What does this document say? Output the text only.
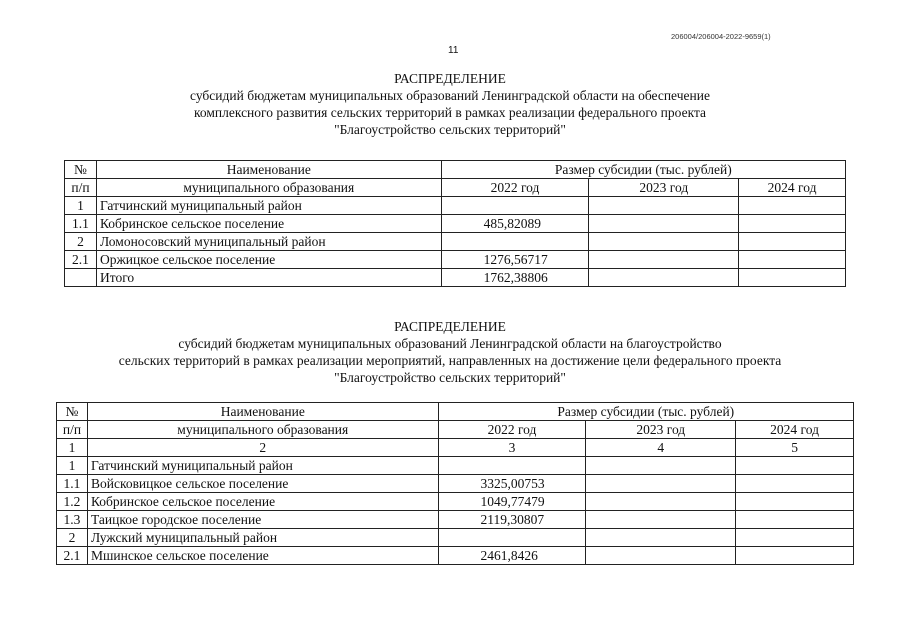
206004/206004-2022-9659(1)
11
РАСПРЕДЕЛЕНИЕ
субсидий бюджетам муниципальных образований Ленинградской области на обеспечение
комплексного развития сельских территорий в рамках реализации федерального проекта
"Благоустройство сельских территорий"
№	Наименование	Размер субсидии (тыс. рублей)		
п/п	муниципального образования	2022 год	2023 год	2024 год
1	Гатчинский муниципальный район			
1.1	Кобринское сельское поселение	485,82089		
2	Ломоносовский муниципальный район			
2.1	Оржицкое сельское поселение	1276,56717		
	Итого	1762,38806		
РАСПРЕДЕЛЕНИЕ
субсидий бюджетам муниципальных образований Ленинградской области на благоустройство
сельских территорий в рамках реализации мероприятий, направленных на достижение цели федерального проекта
"Благоустройство сельских территорий"
№	Наименование	Размер субсидии (тыс. рублей)		
п/п	муниципального образования	2022 год	2023 год	2024 год
1	2	3	4	5
1	Гатчинский муниципальный район			
1.1	Войсковицкое сельское поселение	3325,00753		
1.2	Кобринское сельское поселение	1049,77479		
1.3	Таицкое городское поселение	2119,30807		
2	Лужский муниципальный район			
2.1	Мшинское сельское поселение	2461,8426		
